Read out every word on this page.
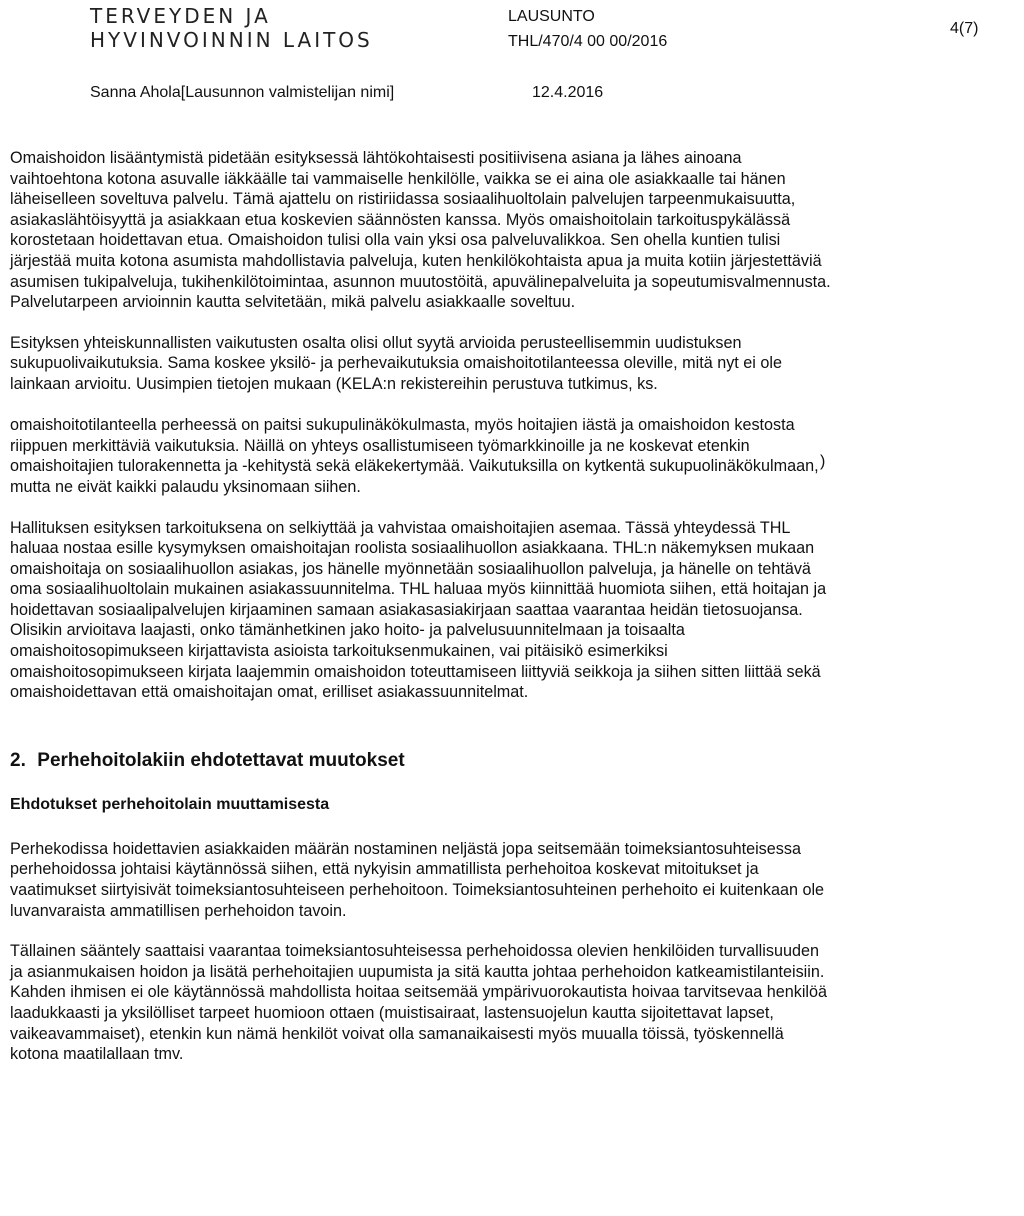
TERVEYDEN JA
HYVINVOINNIN LAITOS
LAUSUNTO
THL/470/4 00 00/2016
4(7)
Sanna Ahola[Lausunnon valmistelijan nimi]	12.4.2016
)
Omaishoidon lisääntymistä pidetään esityksessä lähtökohtaisesti positiivisena asiana ja lähes ainoana
vaihtoehtona kotona asuvalle iäkkäälle tai vammaiselle henkilölle, vaikka se ei aina ole asiakkaalle tai hänen
läheiselleen soveltuva palvelu. Tämä ajattelu on ristiriidassa sosiaalihuoltolain palvelujen tarpeenmukaisuutta,
asiakaslähtöisyyttä ja asiakkaan etua koskevien säännösten kanssa. Myös omaishoitolain tarkoituspykälässä
korostetaan hoidettavan etua. Omaishoidon tulisi olla vain yksi osa palveluvalikkoa. Sen ohella kuntien tulisi
järjestää muita kotona asumista mahdollistavia palveluja, kuten henkilökohtaista apua ja muita kotiin järjestettäviä
asumisen tukipalveluja, tukihenkilötoimintaa, asunnon muutostöitä, apuvälinepalveluita ja sopeutumisvalmennusta.
Palvelutarpeen arvioinnin kautta selvitetään, mikä palvelu asiakkaalle soveltuu.
Esityksen yhteiskunnallisten vaikutusten osalta olisi ollut syytä arvioida perusteellisemmin uudistuksen
sukupuolivaikutuksia. Sama koskee yksilö- ja perhevaikutuksia omaishoitotilanteessa oleville, mitä nyt ei ole
lainkaan arvioitu. Uusimpien tietojen mukaan (KELA:n rekistereihin perustuva tutkimus, ks.
omaishoitotilanteella perheessä on paitsi sukupulinäkökulmasta, myös hoitajien iästä ja omaishoidon kestosta
riippuen merkittäviä vaikutuksia. Näillä on yhteys osallistumiseen työmarkkinoille ja ne koskevat etenkin
omaishoitajien tulorakennetta ja -kehitystä sekä eläkekertymää. Vaikutuksilla on kytkentä sukupuolinäkökulmaan,
mutta ne eivät kaikki palaudu yksinomaan siihen.
Hallituksen esityksen tarkoituksena on selkiyttää ja vahvistaa omaishoitajien asemaa. Tässä yhteydessä THL
haluaa nostaa esille kysymyksen omaishoitajan roolista sosiaalihuollon asiakkaana. THL:n näkemyksen mukaan
omaishoitaja on sosiaalihuollon asiakas, jos hänelle myönnetään sosiaalihuollon palveluja, ja hänelle on tehtävä
oma sosiaalihuoltolain mukainen asiakassuunnitelma. THL haluaa myös kiinnittää huomiota siihen, että hoitajan ja
hoidettavan sosiaalipalvelujen kirjaaminen samaan asiakasasiakirjaan saattaa vaarantaa heidän tietosuojansa.
Olisikin arvioitava laajasti, onko tämänhetkinen jako hoito- ja palvelusuunnitelmaan ja toisaalta
omaishoitosopimukseen kirjattavista asioista tarkoituksenmukainen, vai pitäisikö esimerkiksi
omaishoitosopimukseen kirjata laajemmin omaishoidon toteuttamiseen liittyviä seikkoja ja siihen sitten liittää sekä
omaishoidettavan että omaishoitajan omat, erilliset asiakassuunnitelmat.
2. Perhehoitolakiin ehdotettavat muutokset
Ehdotukset perhehoitolain muuttamisesta
Perhekodissa hoidettavien asiakkaiden määrän nostaminen neljästä jopa seitsemään toimeksiantosuhteisessa
perhehoidossa johtaisi käytännössä siihen, että nykyisin ammatillista perhehoitoa koskevat mitoitukset ja
vaatimukset siirtyisivät toimeksiantosuhteiseen perhehoitoon. Toimeksiantosuhteinen perhehoito ei kuitenkaan ole
luvanvaraista ammatillisen perhehoidon tavoin.
Tällainen sääntely saattaisi vaarantaa toimeksiantosuhteisessa perhehoidossa olevien henkilöiden turvallisuuden
ja asianmukaisen hoidon ja lisätä perhehoitajien uupumista ja sitä kautta johtaa perhehoidon katkeamistilanteisiin.
Kahden ihmisen ei ole käytännössä mahdollista hoitaa seitsemää ympärivuorokautista hoivaa tarvitsevaa henkilöä
laadukkaasti ja yksilölliset tarpeet huomioon ottaen (muistisairaat, lastensuojelun kautta sijoitettavat lapset,
vaikeavammaiset), etenkin kun nämä henkilöt voivat olla samanaikaisesti myös muualla töissä, työskennellä
kotona maatilallaan tmv.
